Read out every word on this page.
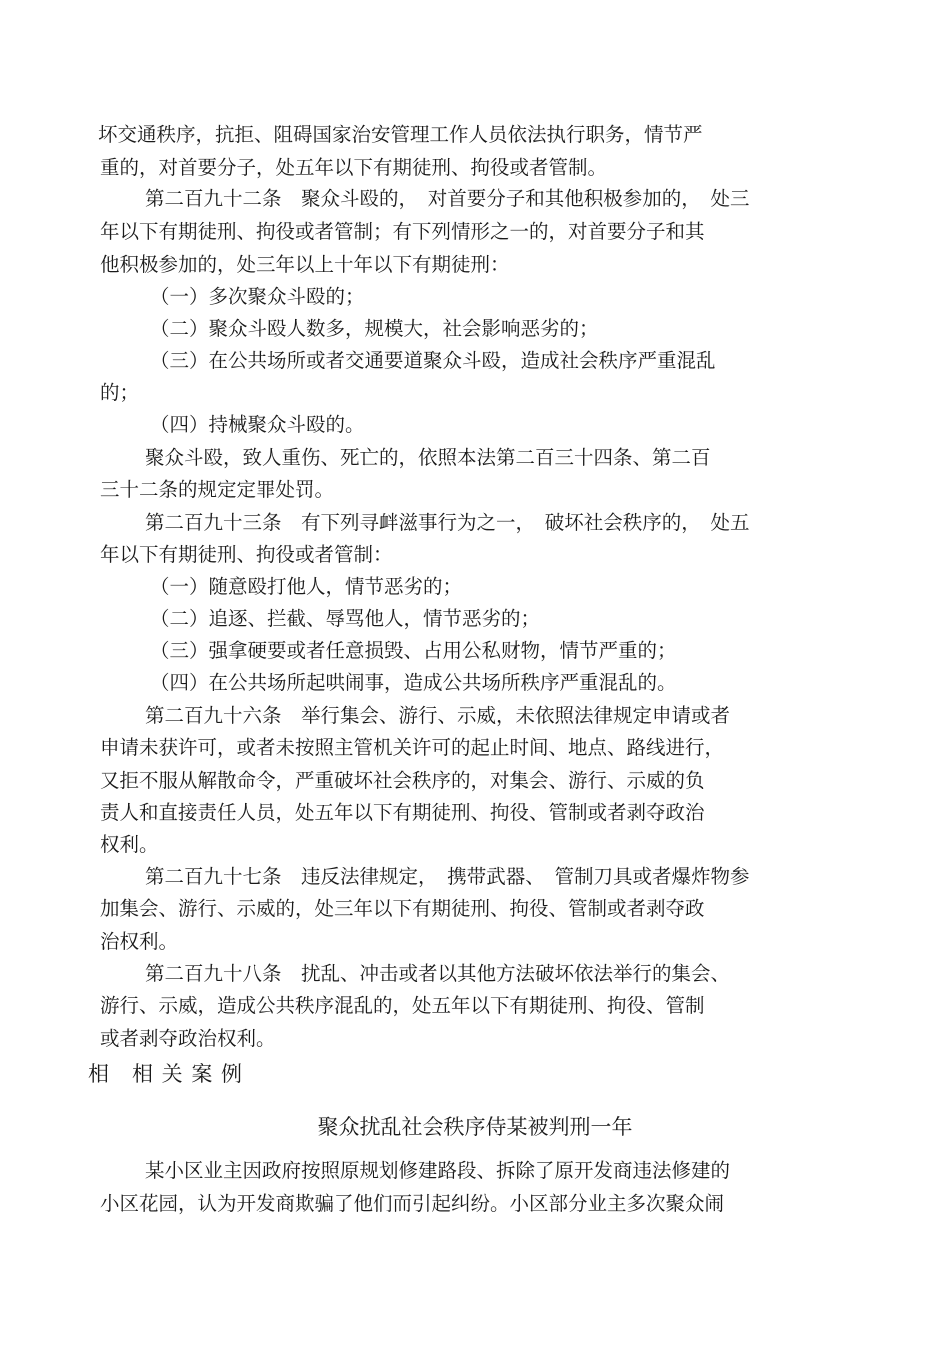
坏交通秩序，抗拒、阻碍国家治安管理工作人员依法执行职务，情节严
重的，对首要分子，处五年以下有期徒刑、拘役或者管制。
第二百九十二条　聚众斗殴的，　对首要分子和其他积极参加的，　处三
年以下有期徒刑、拘役或者管制；有下列情形之一的，对首要分子和其
他积极参加的，处三年以上十年以下有期徒刑：
（一）多次聚众斗殴的；
（二）聚众斗殴人数多，规模大，社会影响恶劣的；
（三）在公共场所或者交通要道聚众斗殴，造成社会秩序严重混乱
的；
（四）持械聚众斗殴的。
聚众斗殴，致人重伤、死亡的，依照本法第二百三十四条、第二百
三十二条的规定定罪处罚。
第二百九十三条　有下列寻衅滋事行为之一，　破坏社会秩序的，　处五
年以下有期徒刑、拘役或者管制：
（一）随意殴打他人，情节恶劣的；
（二）追逐、拦截、辱骂他人，情节恶劣的；
（三）强拿硬要或者任意损毁、占用公私财物，情节严重的；
（四）在公共场所起哄闹事，造成公共场所秩序严重混乱的。
第二百九十六条　举行集会、游行、示威，未依照法律规定申请或者
申请未获许可，或者未按照主管机关许可的起止时间、地点、路线进行，
又拒不服从解散命令，严重破坏社会秩序的，对集会、游行、示威的负
责人和直接责任人员，处五年以下有期徒刑、拘役、管制或者剥夺政治
权利。
第二百九十七条　违反法律规定，　携带武器、　管制刀具或者爆炸物参
加集会、游行、示威的，处三年以下有期徒刑、拘役、管制或者剥夺政
治权利。
第二百九十八条　扰乱、冲击或者以其他方法破坏依法举行的集会、
游行、示威，造成公共秩序混乱的，处五年以下有期徒刑、拘役、管制
或者剥夺政治权利。
相　相 关 案 例
聚众扰乱社会秩序侍某被判刑一年
某小区业主因政府按照原规划修建路段、拆除了原开发商违法修建的
小区花园，认为开发商欺骗了他们而引起纠纷。小区部分业主多次聚众闹
